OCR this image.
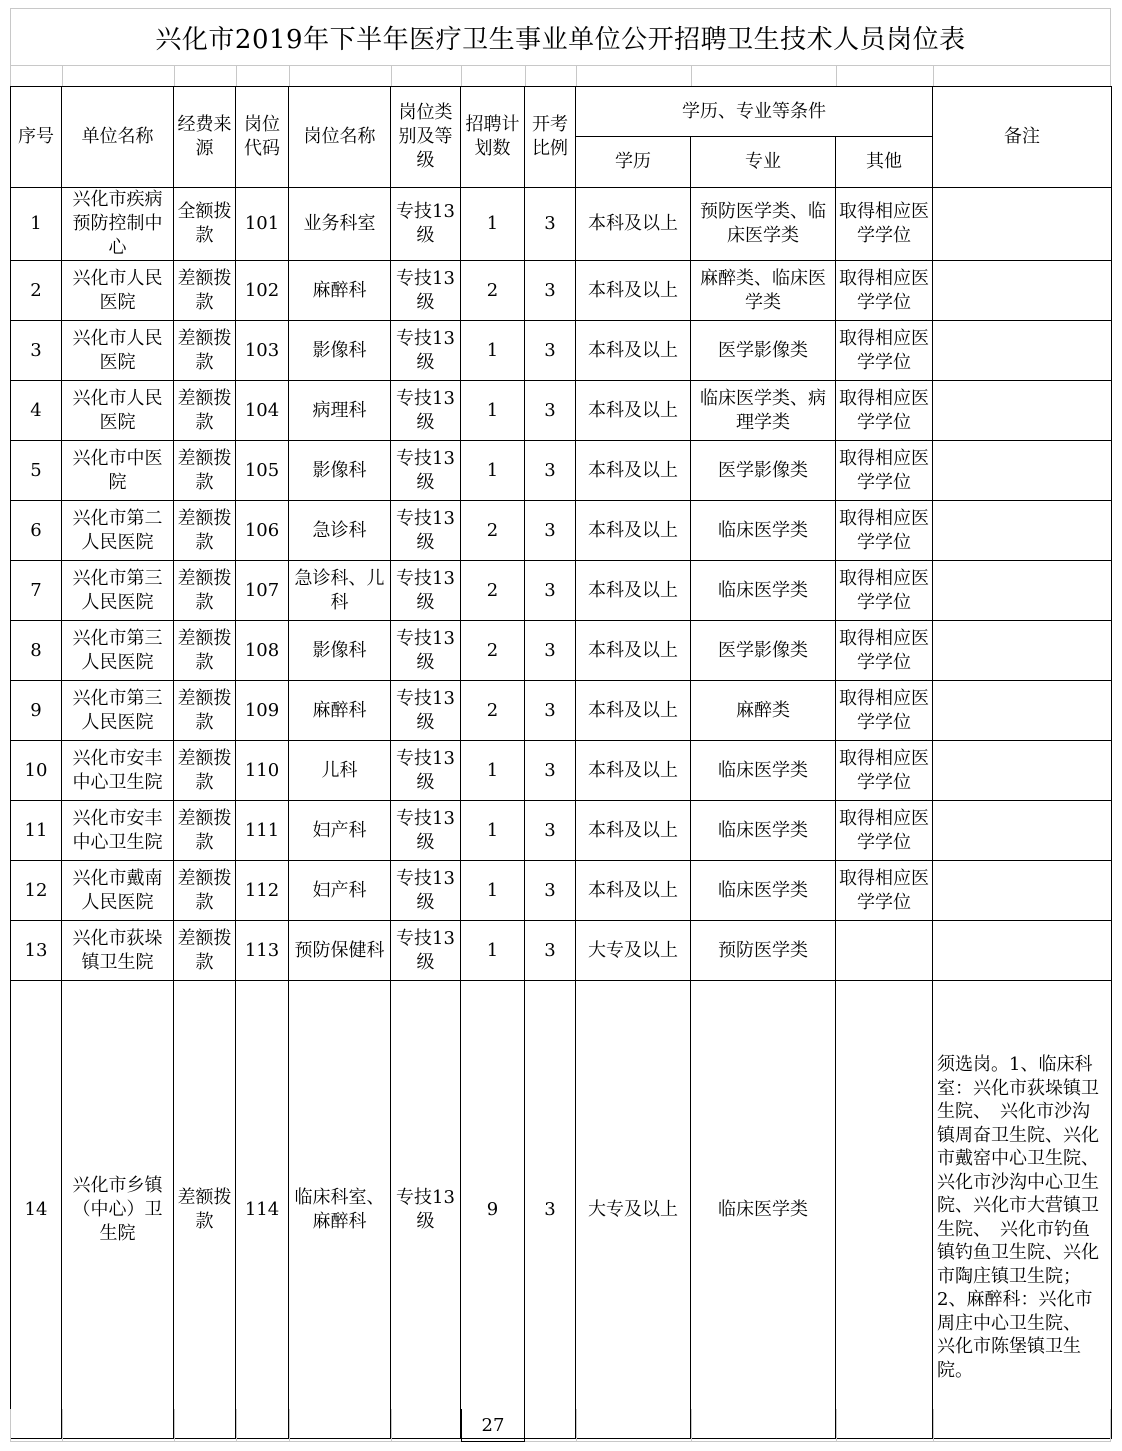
兴化市2019年下半年医疗卫生事业单位公开招聘卫生技术人员岗位表
序号	单位名称	经费来源	岗位代码	岗位名称	岗位类别及等级	招聘计划数	开考比例	学历、专业等条件			备注
								学历	专业	其他	
1	兴化市疾病预防控制中心	全额拨款	101	业务科室	专技13级	1	3	本科及以上	预防医学类、临床医学类	取得相应医学学位	
2	兴化市人民医院	差额拨款	102	麻醉科	专技13级	2	3	本科及以上	麻醉类、临床医学类	取得相应医学学位	
3	兴化市人民医院	差额拨款	103	影像科	专技13级	1	3	本科及以上	医学影像类	取得相应医学学位	
4	兴化市人民医院	差额拨款	104	病理科	专技13级	1	3	本科及以上	临床医学类、病理学类	取得相应医学学位	
5	兴化市中医院	差额拨款	105	影像科	专技13级	1	3	本科及以上	医学影像类	取得相应医学学位	
6	兴化市第二人民医院	差额拨款	106	急诊科	专技13级	2	3	本科及以上	临床医学类	取得相应医学学位	
7	兴化市第三人民医院	差额拨款	107	急诊科、儿科	专技13级	2	3	本科及以上	临床医学类	取得相应医学学位	
8	兴化市第三人民医院	差额拨款	108	影像科	专技13级	2	3	本科及以上	医学影像类	取得相应医学学位	
9	兴化市第三人民医院	差额拨款	109	麻醉科	专技13级	2	3	本科及以上	麻醉类	取得相应医学学位	
10	兴化市安丰中心卫生院	差额拨款	110	儿科	专技13级	1	3	本科及以上	临床医学类	取得相应医学学位	
11	兴化市安丰中心卫生院	差额拨款	111	妇产科	专技13级	1	3	本科及以上	临床医学类	取得相应医学学位	
12	兴化市戴南人民医院	差额拨款	112	妇产科	专技13级	1	3	本科及以上	临床医学类	取得相应医学学位	
13	兴化市荻垛镇卫生院	差额拨款	113	预防保健科	专技13级	1	3	大专及以上	预防医学类		
14	兴化市乡镇（中心）卫生院	差额拨款	114	临床科室、麻醉科	专技13级	9	3	大专及以上	临床医学类		须选岗。1、临床科室：兴化市荻垛镇卫生院、　兴化市沙沟镇周奋卫生院、兴化市戴窑中心卫生院、　兴化市沙沟中心卫生院、兴化市大营镇卫生院、　兴化市钓鱼镇钓鱼卫生院、兴化市陶庄镇卫生院；2、麻醉科：兴化市周庄中心卫生院、　兴化市陈堡镇卫生院。
27
